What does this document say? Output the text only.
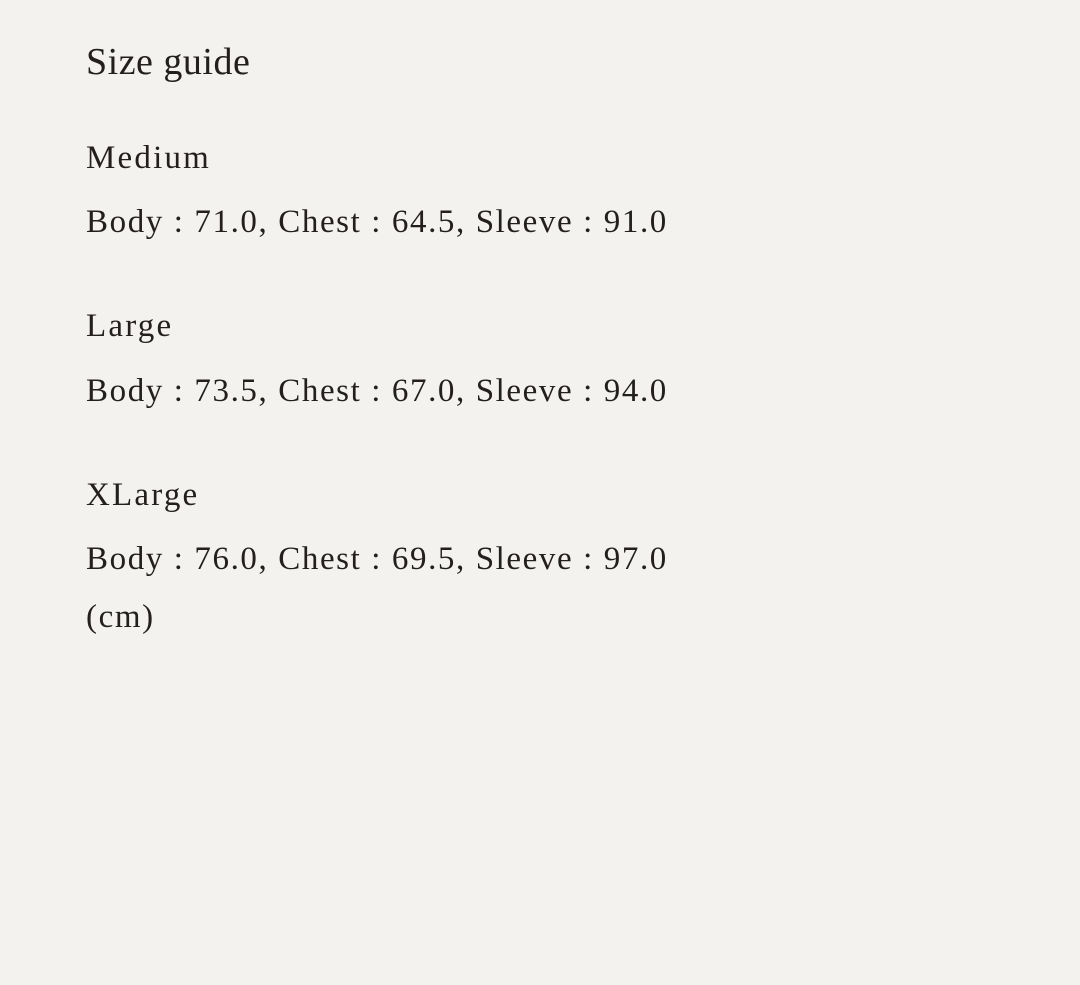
Size guide
Medium
Body : 71.0, Chest : 64.5, Sleeve : 91.0
Large
Body : 73.5, Chest : 67.0, Sleeve : 94.0
XLarge
Body : 76.0, Chest : 69.5, Sleeve : 97.0
(cm)
